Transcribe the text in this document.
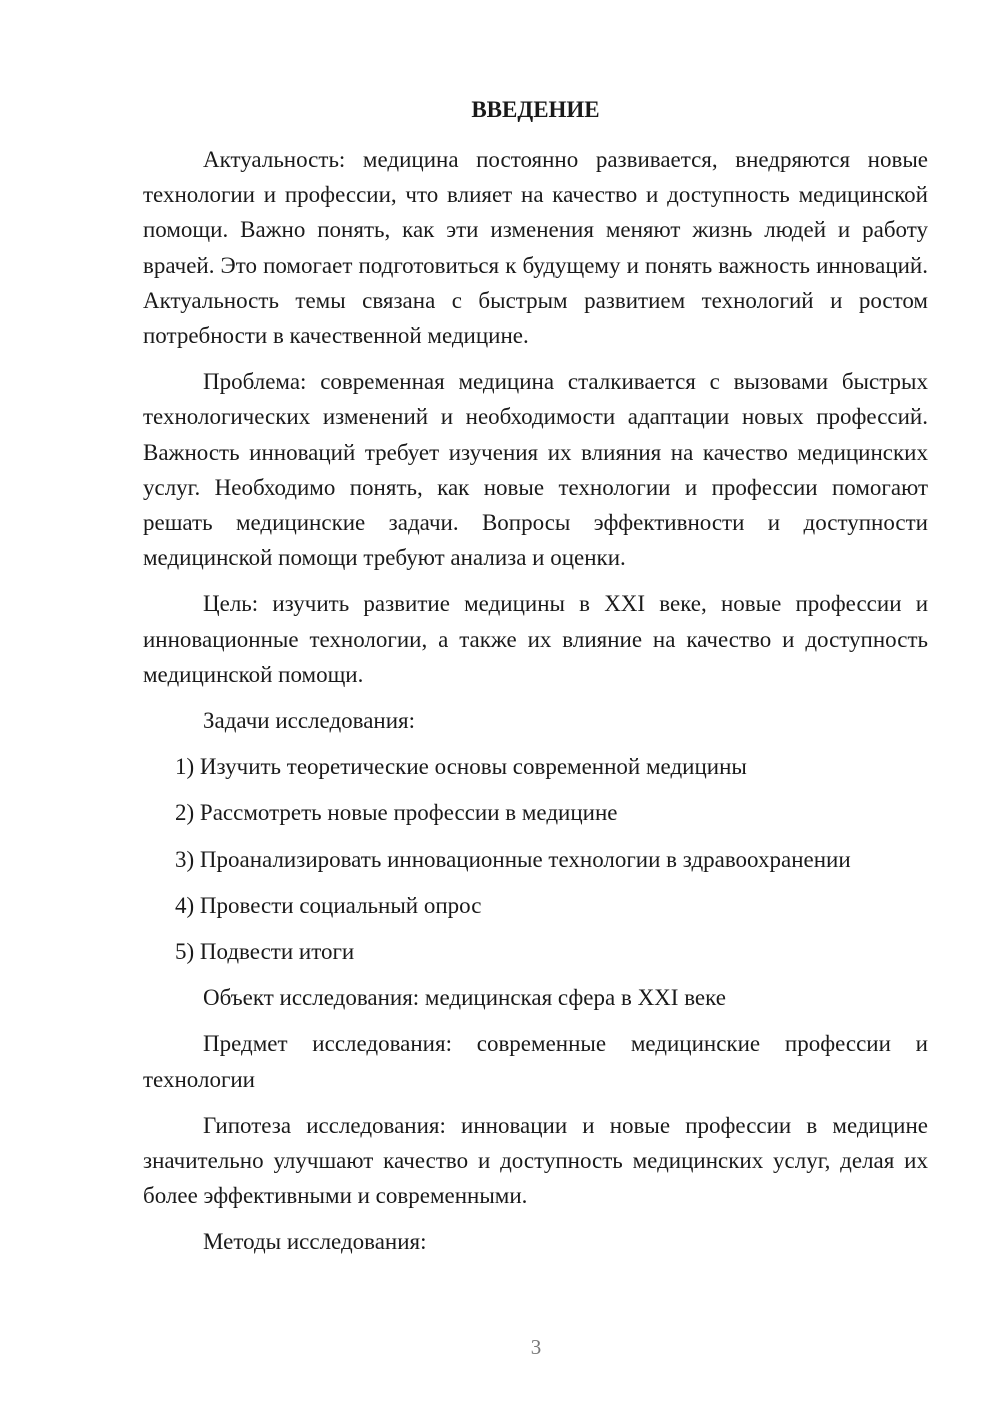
ВВЕДЕНИЕ

Актуальность: медицина постоянно развивается, внедряются новые технологии и профессии, что влияет на качество и доступность медицинской помощи. Важно понять, как эти изменения меняют жизнь людей и работу врачей. Это помогает подготовиться к будущему и понять важность инноваций. Актуальность темы связана с быстрым развитием технологий и ростом потребности в качественной медицине.

Проблема: современная медицина сталкивается с вызовами быстрых технологических изменений и необходимости адаптации новых профессий. Важность инноваций требует изучения их влияния на качество медицинских услуг. Необходимо понять, как новые технологии и профессии помогают решать медицинские задачи. Вопросы эффективности и доступности медицинской помощи требуют анализа и оценки.

Цель: изучить развитие медицины в XXI веке, новые профессии и инновационные технологии, а также их влияние на качество и доступность медицинской помощи.

Задачи исследования:

1) Изучить теоретические основы современной медицины

2) Рассмотреть новые профессии в медицине

3) Проанализировать инновационные технологии в здравоохранении

4) Провести социальный опрос

5) Подвести итоги

Объект исследования: медицинская сфера в XXI веке

Предмет исследования: современные медицинские профессии и технологии

Гипотеза исследования: инновации и новые профессии в медицине значительно улучшают качество и доступность медицинских услуг, делая их более эффективными и современными.

Методы исследования:

3
